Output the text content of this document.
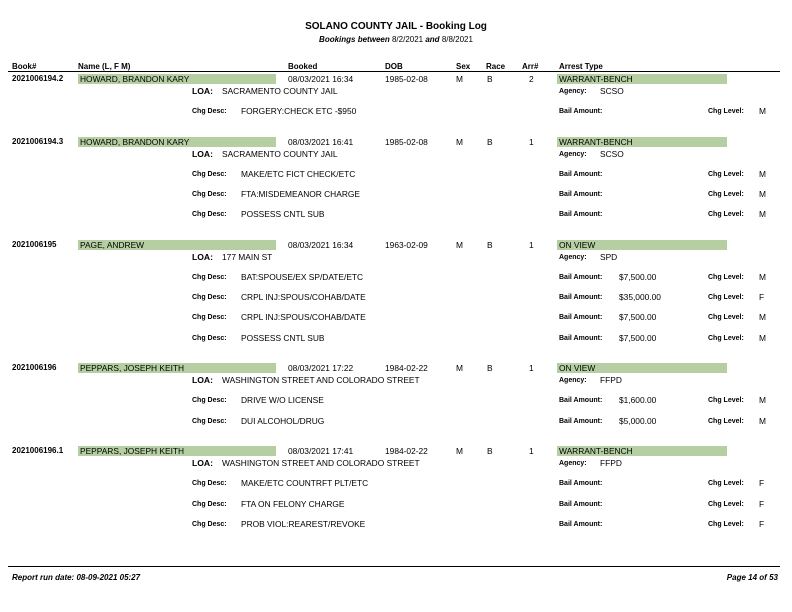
SOLANO COUNTY JAIL - Booking Log
Bookings between 8/2/2021 and 8/8/2021
Book#	Name (L, F M)	Booked	DOB	Sex Race Arr#	Arrest Type
2021006194.2 HOWARD, BRANDON KARY	08/03/2021 16:34	1985-02-08	M	B	2	WARRANT-BENCH
LOA: SACRAMENTO COUNTY JAIL	Agency: SCSO
Chg Desc: FORGERY:CHECK ETC -$950	Bail Amount:	Chg Level: M
2021006194.3 HOWARD, BRANDON KARY	08/03/2021 16:41	1985-02-08	M	B	1	WARRANT-BENCH
LOA: SACRAMENTO COUNTY JAIL	Agency: SCSO
Chg Desc: MAKE/ETC FICT CHECK/ETC	Bail Amount:	Chg Level: M
Chg Desc: FTA:MISDEMEANOR CHARGE	Bail Amount:	Chg Level: M
Chg Desc: POSSESS CNTL SUB	Bail Amount:	Chg Level: M
2021006195	PAGE, ANDREW	08/03/2021 16:34	1963-02-09	M	B	1	ON VIEW
LOA: 177 MAIN ST	Agency: SPD
Chg Desc: BAT:SPOUSE/EX SP/DATE/ETC	Bail Amount: $7,500.00	Chg Level: M
Chg Desc: CRPL INJ:SPOUS/COHAB/DATE	Bail Amount: $35,000.00	Chg Level: F
Chg Desc: CRPL INJ:SPOUS/COHAB/DATE	Bail Amount: $7,500.00	Chg Level: M
Chg Desc: POSSESS CNTL SUB	Bail Amount: $7,500.00	Chg Level: M
2021006196	PEPPARS, JOSEPH KEITH	08/03/2021 17:22	1984-02-22	M	B	1	ON VIEW
LOA: WASHINGTON STREET AND COLORADO STREET	Agency: FFPD
Chg Desc: DRIVE W/O LICENSE	Bail Amount: $1,600.00	Chg Level: M
Chg Desc: DUI ALCOHOL/DRUG	Bail Amount: $5,000.00	Chg Level: M
2021006196.1 PEPPARS, JOSEPH KEITH	08/03/2021 17:41	1984-02-22	M	B	1	WARRANT-BENCH
LOA: WASHINGTON STREET AND COLORADO STREET	Agency: FFPD
Chg Desc: MAKE/ETC COUNTRFT PLT/ETC	Bail Amount:	Chg Level: F
Chg Desc: FTA ON FELONY CHARGE	Bail Amount:	Chg Level: F
Chg Desc: PROB VIOL:REAREST/REVOKE	Bail Amount:	Chg Level: F
Report run date: 08-09-2021 05:27	Page 14 of 53
